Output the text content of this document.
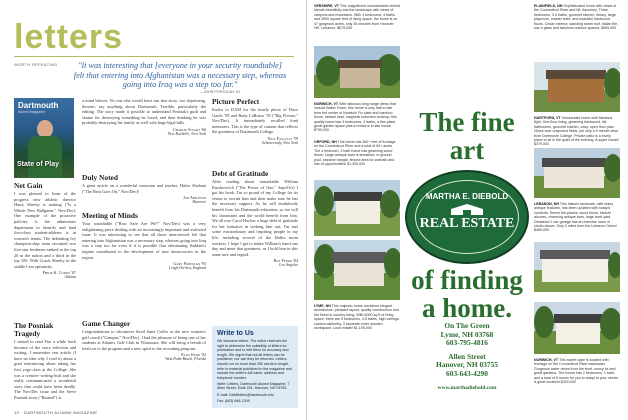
letters
WORTH REPEATING	"It was interesting that [everyone in your security roundtable] felt that entering into Afghanistan was a necessary step, whereas going into Iraq was a step too far."
—JOHN PORTOLAN '93
Dartmouth
Alumni Magazine
State of Play
Net Gain

I was pleased to learn of the progress new athletic director Harry Sheehy is making ("Is a Whole New Ballgame," Nov/Dec). One example of the proactive policies is the admissions department to identify and land first-class student-athletes is in women's tennis: The defending Ivy champion-ship team recruited two five-star freshmen ranked in the top 20 in the nation and a third in the top 100. With Coach Sheehy in the saddle I am optimistic.

Philip K. Curtis '67
Atlanta
The Posniak Tragedy

I started to read Fire a while back because of the story selection and writing. I remember one article (I have no idea why I read it) about a grad reminiscing about taking her first yoga class at the College. She was a creative writing buff and she really communicated a wonderful story that could have been deadly. The Nov/Dec issue and the Steve Posniak story ("Burned") is

a mind blower. No one else would have run that story: too depressing, downer, say anything about Dartmouth. Terrible, particularly the editing. The story made it possible to understand Posniak's guilt and shame for destroying something he loved, and then thinking he was probably destroying his family as well with huge legal bills.

Charlie Stuart '66
New Rochelle, New York
Duly Noted

A great article on a wonderful musician and teacher, Hafez Shahani ("The Beat Goes On," Nov/Dec)!

Jon Appleton
Hanover
Meeting of Minds

Your roundtable ("How Safe Are We?" Nov/Dec) was a very enlightening piece dealing with an increasingly important and awkward issue. It was interesting to see that all those interviewed felt that entering into Afghanistan was a necessary step, whereas going into Iraq was a step too far even if it is possible that eliminating Saddam's regime contributed to the development of new democracies in the region.

Gary Portolan '93
Leigh-On-Sea, England
Game Changer

Congratulations to whomever hired Janet Colles as the new women's golf coach ("Campus," Nov/Dec). I had the pleasure of being one of her students at Atlantic Golf Club in Vilamoura. She will bring a breath of fresh air to the program and a new spirit to the recruiting program.

Ellis Kerr '02
West Palm Beach, Florida
Picture Perfect

Kudos to DAM for the timely photo of Dave Gavitt '59 and Rudy LaRusso '59 ("Big Picture," Nov/Dec). It immediately recalled fond memories. This is the type of content that reflects the greatness of Dartmouth College.

Nick Pascucci '59
Schenectady, New York
Debt of Gratitude

After reading about remarkable William Kurtkowitch ("The Power of One," Sept/Oct) I got his book. I'm so proud of my College for its vision to recruit him and then make sure he has the necessary support. As he will doubtlessly benefit from his Dartmouth education, so too will his classmates and the world benefit from him. We all owe Carol Harlow a huge debt of gratitude for her initiative in seeking him out. I'm met some extraordinary and inspiring people in my life, including several of the Dalfrs mont workers. I hope I get to shake William's hand one day and meet that greatness, as I hold him in this same awe and regard.

Roy Ferro '84
Los Angeles
Write to Us

We welcome letters. The editor reserves the right to determine the suitability of letters for publication and to edit them for accuracy and length. We regret that not all letters can be published, nor can they be returned. Letters should run no more than 250 words in length, refer to material published in the magazine and include the writer's full name, address and telephone number.

Write: Letters, Dartmouth Alumni Magazine, 7 Allen Street, Suite 201, Hanover, NH 03755

E-mail: DAMletters@dartmouth.edu

Fax: (603) 646-1209

10 · DARTMOUTH ALUMNI MAGAZINE
VERSHIRE, VT This magnificent mountainside retreat blends beautifully into the landscape with views of canyons and mountains. With 4 bedrooms, 4 baths and 3000 square feet of living space, the home is on 47 gorgeous acres, only 35 minutes from Hanover NH. Lebanon. $679,000
NORWICH, VT With fabulous long range views that include Baker Tower, this home is only half a mile from the center of Norwich! Fix slate and bamboo floors, radiant heat, magnetic induction cooktop, this quality home has 3 bedrooms, 3 baths, a five-place, great garden space plus a rental or in-law house. $799,000
ORFORD, NH This home has 350+ feet of frontage on the Connecticut River and a total of 50+ acres. The 4 bedroom, 3 bath home has gleaming wood floors. Large antique barn is sheathed. In ground pool, airplane hangar, fenced area for animals and lots of opportunities! $1,300,000
LYME, NH This majestic home combines elegant architecture, pleasant layout, quality construction and the finest in country living. With 6000 sq ft of living space, there are 5 bedrooms, 4.5 baths, high ceilings, custom cabinetry, 3 separate enter wooden workspace. Lush estate! $1,195,000
PLAINFIELD, NH Sophisticated home with views of the Connecticut River and Mt. Ascutney. Three bedrooms, 3.5 baths, gourmet kitchen, library, large playroom, master suite, and beautiful hardwood floors. Cedar exterior, standing seam roof, Italian tile, low-e glass and fabulous outdoor spaces. $599,000
HARTFORD, VT Immaculate home with fabulous light. One floor living, gleaming hardwood, tile bathrooms, gourmet kitchen, easy, open floor plan. Views over unspoiled fields, yet only a 5 minute drive from Dartmouth College. Private patio is a lovely place to sit in the quiet of the evening. A super house! $379,000
LEBANON, NH This historic landmark, with many antique features, has been updated with today's comforts. Seven fire-places, wood floors, kitchen alcoves, charming antique barn, large level yard. Detached 2-car garage has an exercise room or studio above. Only 3 miles from the Lebanon Green! $489,000
NORWICH, VT This sweet cape is located with frontage on the Connecticut River backwater. Gorgeous water views from the level, sunny lot and great gardens. The house has 2 bedrooms, 1 bath, and a total of 6 rooms for you to adapt to your needs. A great location! $320,000
The fine art
MARTHA E. DIEBOLD
REAL ESTATE
of finding
a home.
On The Green
Lyme, NH 03768
603-795-4816
Allen Street
Hanover, NH 03755
603-643-4290
www.marthadiebold.com
